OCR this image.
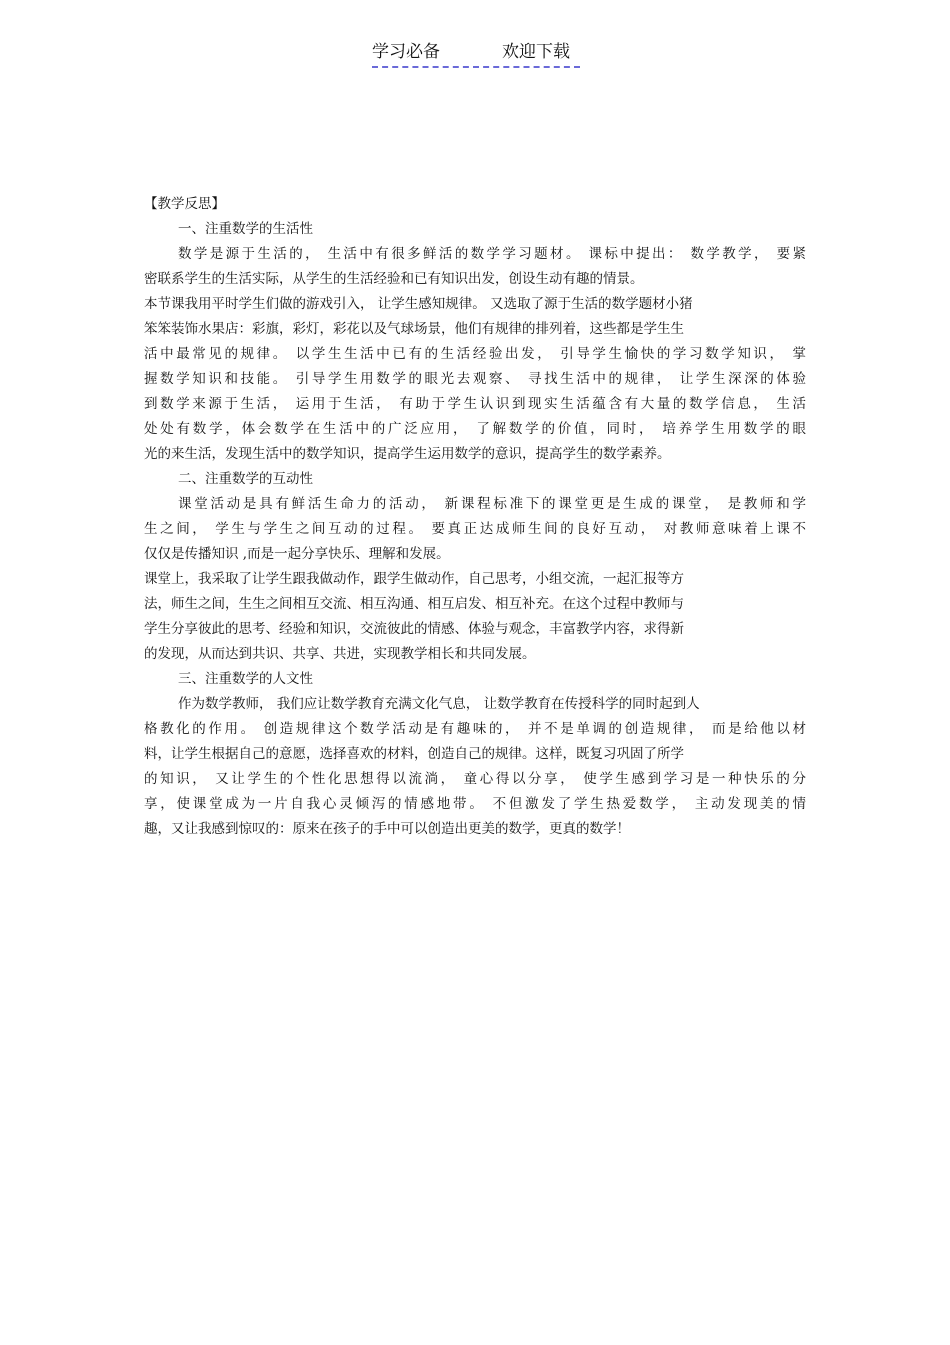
学习必备	欢迎下载
【教学反思】
一、注重数学的生活性
数学是源于生活的， 生活中有很多鲜活的数学学习题材。 课标中提出： 数学教学， 要紧
密联系学生的生活实际，从学生的生活经验和已有知识出发，创设生动有趣的情景。
本节课我用平时学生们做的游戏引入， 让学生感知规律。 又选取了源于生活的数学题材小猪
笨笨装饰水果店：彩旗，彩灯，彩花以及气球场景，他们有规律的排列着，这些都是学生生
活中最常见的规律。 以学生生活中已有的生活经验出发， 引导学生愉快的学习数学知识， 掌
握数学知识和技能。 引导学生用数学的眼光去观察、 寻找生活中的规律， 让学生深深的体验
到数学来源于生活， 运用于生活， 有助于学生认识到现实生活蕴含有大量的数学信息， 生活
处处有数学，体会数学在生活中的广泛应用， 了解数学的价值，同时， 培养学生用数学的眼
光的来生活，发现生活中的数学知识，提高学生运用数学的意识，提高学生的数学素养。
二、注重数学的互动性
课堂活动是具有鲜活生命力的活动， 新课程标准下的课堂更是生成的课堂， 是教师和学
生之间， 学生与学生之间互动的过程。 要真正达成师生间的良好互动， 对教师意味着上课不
仅仅是传播知识 ,而是一起分享快乐、理解和发展。
课堂上，我采取了让学生跟我做动作，跟学生做动作，自己思考，小组交流，一起汇报等方
法，师生之间，生生之间相互交流、相互沟通、相互启发、相互补充。在这个过程中教师与
学生分享彼此的思考、经验和知识，交流彼此的情感、体验与观念，丰富教学内容，求得新
的发现，从而达到共识、共享、共进，实现教学相长和共同发展。
三、注重数学的人文性
作为数学教师， 我们应让数学教育充满文化气息， 让数学教育在传授科学的同时起到人
格教化的作用。 创造规律这个数学活动是有趣味的， 并不是单调的创造规律， 而是给他以材
料，让学生根据自己的意愿，选择喜欢的材料，创造自己的规律。这样，既复习巩固了所学
的知识， 又让学生的个性化思想得以流淌， 童心得以分享， 使学生感到学习是一种快乐的分
享，使课堂成为一片自我心灵倾泻的情感地带。 不但激发了学生热爱数学， 主动发现美的情
趣，又让我感到惊叹的：原来在孩子的手中可以创造出更美的数学，更真的数学！
